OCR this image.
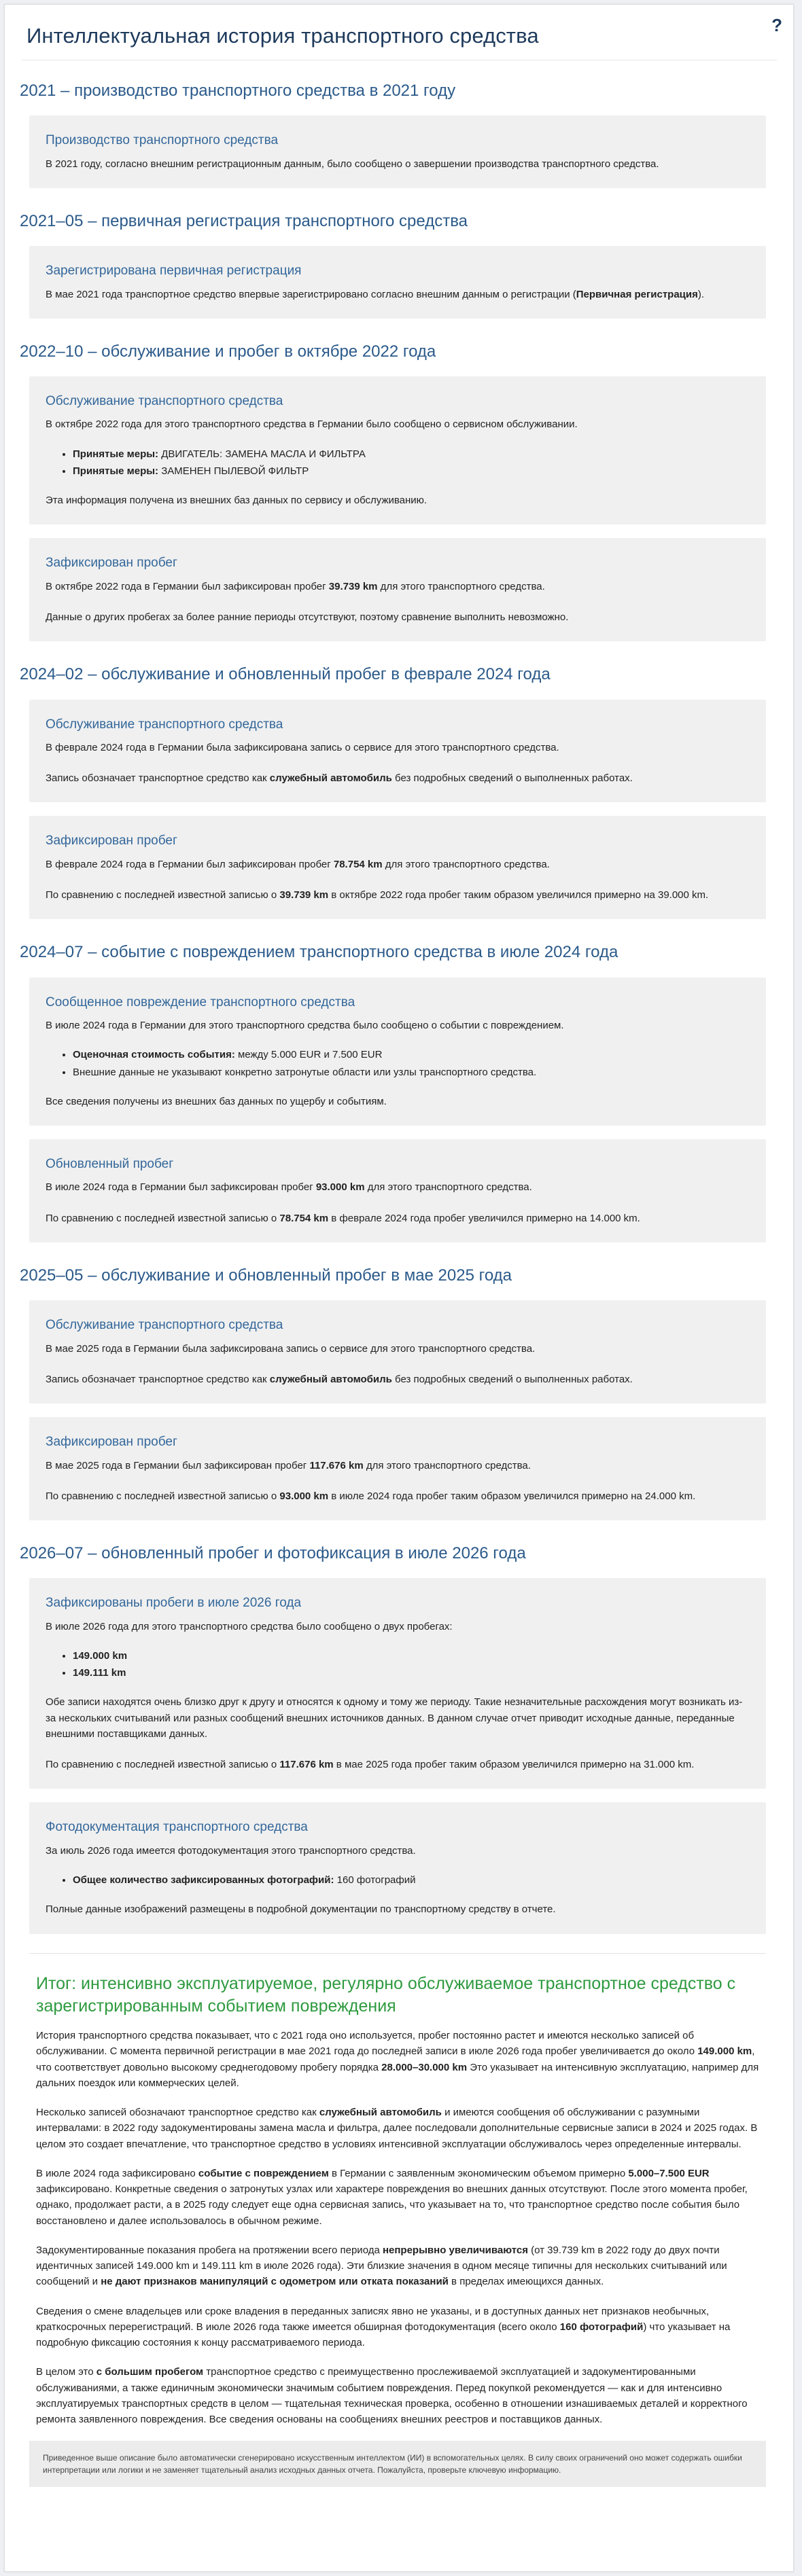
Интеллектуальная история транспортного средства	?
2021 – производство транспортного средства в 2021 году
Производство транспортного средства

В 2021 году, согласно внешним регистрационным данным, было сообщено о завершении производства транспортного средства.

2021–05 – первичная регистрация транспортного средства
Зарегистрирована первичная регистрация

В мае 2021 года транспортное средство впервые зарегистрировано согласно внешним данным о регистрации (Первичная регистрация).

2022–10 – обслуживание и пробег в октябре 2022 года
Обслуживание транспортного средства

В октябре 2022 года для этого транспортного средства в Германии было сообщено о сервисном обслуживании.

• Принятые меры: ДВИГАТЕЛЬ: ЗАМЕНА МАСЛА И ФИЛЬТРА
• Принятые меры: ЗАМЕНЕН ПЫЛЕВОЙ ФИЛЬТР

Эта информация получена из внешних баз данных по сервису и обслуживанию.

Зафиксирован пробег

В октябре 2022 года в Германии был зафиксирован пробег 39.739 km для этого транспортного средства.

Данные о других пробегах за более ранние периоды отсутствуют, поэтому сравнение выполнить невозможно.

2024–02 – обслуживание и обновленный пробег в феврале 2024 года
Обслуживание транспортного средства

В феврале 2024 года в Германии была зафиксирована запись о сервисе для этого транспортного средства.

Запись обозначает транспортное средство как служебный автомобиль без подробных сведений о выполненных работах.

Зафиксирован пробег

В феврале 2024 года в Германии был зафиксирован пробег 78.754 km для этого транспортного средства.

По сравнению с последней известной записью о 39.739 km в октябре 2022 года пробег таким образом увеличился примерно на 39.000 km.

2024–07 – событие с повреждением транспортного средства в июле 2024 года
Сообщенное повреждение транспортного средства

В июле 2024 года в Германии для этого транспортного средства было сообщено о событии с повреждением.

• Оценочная стоимость события: между 5.000 EUR и 7.500 EUR
• Внешние данные не указывают конкретно затронутые области или узлы транспортного средства.

Все сведения получены из внешних баз данных по ущербу и событиям.

Обновленный пробег

В июле 2024 года в Германии был зафиксирован пробег 93.000 km для этого транспортного средства.

По сравнению с последней известной записью о 78.754 km в феврале 2024 года пробег увеличился примерно на 14.000 km.

2025–05 – обслуживание и обновленный пробег в мае 2025 года
Обслуживание транспортного средства

В мае 2025 года в Германии была зафиксирована запись о сервисе для этого транспортного средства.

Запись обозначает транспортное средство как служебный автомобиль без подробных сведений о выполненных работах.

Зафиксирован пробег

В мае 2025 года в Германии был зафиксирован пробег 117.676 km для этого транспортного средства.

По сравнению с последней известной записью о 93.000 km в июле 2024 года пробег таким образом увеличился примерно на 24.000 km.

2026–07 – обновленный пробег и фотофиксация в июле 2026 года
Зафиксированы пробеги в июле 2026 года

В июле 2026 года для этого транспортного средства было сообщено о двух пробегах:

• 149.000 km
• 149.111 km

Обе записи находятся очень близко друг к другу и относятся к одному и тому же периоду. Такие незначительные расхождения могут возникать из-за нескольких считываний или разных сообщений внешних источников данных. В данном случае отчет приводит исходные данные, переданные внешними поставщиками данных.

По сравнению с последней известной записью о 117.676 km в мае 2025 года пробег таким образом увеличился примерно на 31.000 km.

Фотодокументация транспортного средства

За июль 2026 года имеется фотодокументация этого транспортного средства.

• Общее количество зафиксированных фотографий: 160 фотографий

Полные данные изображений размещены в подробной документации по транспортному средству в отчете.

Итог: интенсивно эксплуатируемое, регулярно обслуживаемое транспортное средство с зарегистрированным событием повреждения

История транспортного средства показывает, что с 2021 года оно используется, пробег постоянно растет и имеются несколько записей об обслуживании. С момента первичной регистрации в мае 2021 года до последней записи в июле 2026 года пробег увеличивается до около 149.000 km, что соответствует довольно высокому среднегодовому пробегу порядка 28.000–30.000 km Это указывает на интенсивную эксплуатацию, например для дальних поездок или коммерческих целей.

Несколько записей обозначают транспортное средство как служебный автомобиль и имеются сообщения об обслуживании с разумными интервалами: в 2022 году задокументированы замена масла и фильтра, далее последовали дополнительные сервисные записи в 2024 и 2025 годах. В целом это создает впечатление, что транспортное средство в условиях интенсивной эксплуатации обслуживалось через определенные интервалы.

В июле 2024 года зафиксировано событие с повреждением в Германии с заявленным экономическим объемом примерно 5.000–7.500 EUR зафиксировано. Конкретные сведения о затронутых узлах или характере повреждения во внешних данных отсутствуют. После этого момента пробег, однако, продолжает расти, а в 2025 году следует еще одна сервисная запись, что указывает на то, что транспортное средство после события было восстановлено и далее использовалось в обычном режиме.

Задокументированные показания пробега на протяжении всего периода непрерывно увеличиваются (от 39.739 km в 2022 году до двух почти идентичных записей 149.000 km и 149.111 km в июле 2026 года). Эти близкие значения в одном месяце типичны для нескольких считываний или сообщений и не дают признаков манипуляций с одометром или отката показаний в пределах имеющихся данных.

Сведения о смене владельцев или сроке владения в переданных записях явно не указаны, и в доступных данных нет признаков необычных, краткосрочных перерегистраций. В июле 2026 года также имеется обширная фотодокументация (всего около 160 фотографий) что указывает на подробную фиксацию состояния к концу рассматриваемого периода.

В целом это с большим пробегом транспортное средство с преимущественно прослеживаемой эксплуатацией и задокументированными обслуживаниями, а также единичным экономически значимым событием повреждения. Перед покупкой рекомендуется — как и для интенсивно эксплуатируемых транспортных средств в целом — тщательная техническая проверка, особенно в отношении изнашиваемых деталей и корректного ремонта заявленного повреждения. Все сведения основаны на сообщениях внешних реестров и поставщиков данных.

Приведенное выше описание было автоматически сгенерировано искусственным интеллектом (ИИ) в вспомогательных целях. В силу своих ограничений оно может содержать ошибки интерпретации или логики и не заменяет тщательный анализ исходных данных отчета. Пожалуйста, проверьте ключевую информацию.
